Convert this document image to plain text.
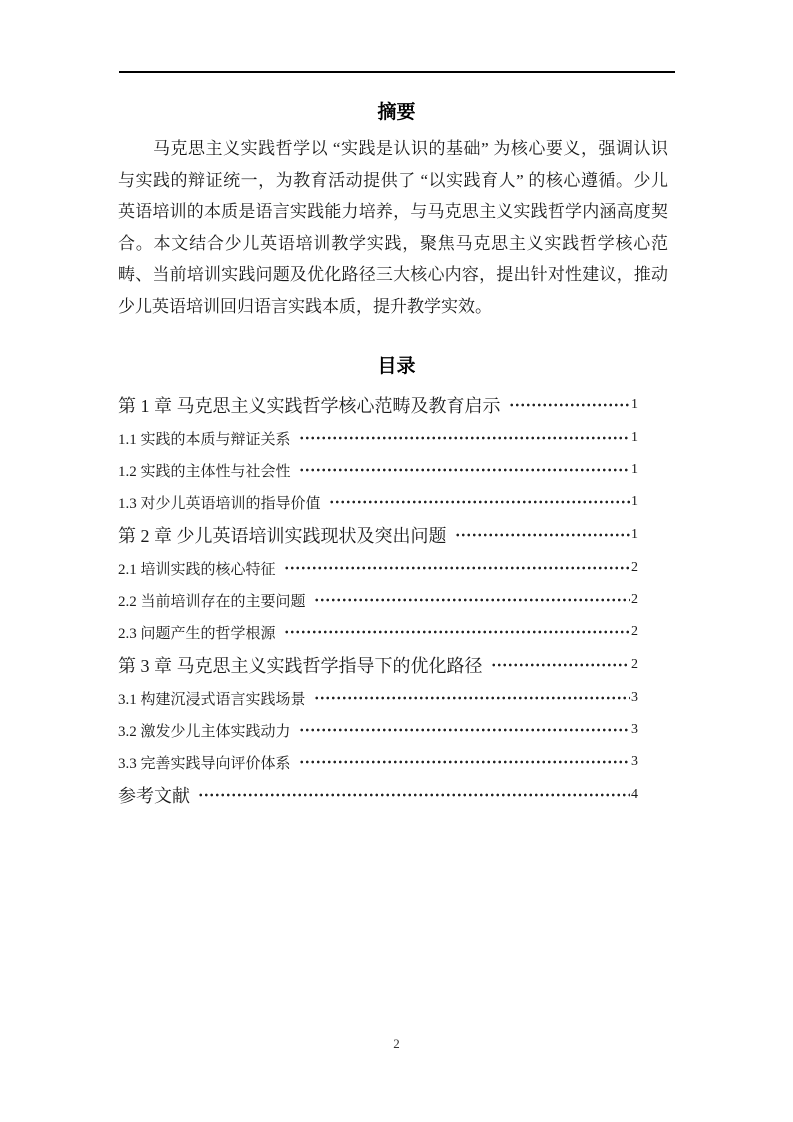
摘要

马克思主义实践哲学以 “实践是认识的基础” 为核心要义，强调认识与实践的辩证统一，为教育活动提供了 “以实践育人” 的核心遵循。少儿英语培训的本质是语言实践能力培养，与马克思主义实践哲学内涵高度契合。本文结合少儿英语培训教学实践，聚焦马克思主义实践哲学核心范畴、当前培训实践问题及优化路径三大核心内容，提出针对性建议，推动少儿英语培训回归语言实践本质，提升教学实效。

目录
第 1 章 马克思主义实践哲学核心范畴及教育启示	1
1.1 实践的本质与辩证关系	1
1.2 实践的主体性与社会性	1
1.3 对少儿英语培训的指导价值	1
第 2 章 少儿英语培训实践现状及突出问题	1
2.1 培训实践的核心特征	2
2.2 当前培训存在的主要问题	2
2.3 问题产生的哲学根源	2
第 3 章 马克思主义实践哲学指导下的优化路径	2
3.1 构建沉浸式语言实践场景	3
3.2 激发少儿主体实践动力	3
3.3 完善实践导向评价体系	3
参考文献	4
2
